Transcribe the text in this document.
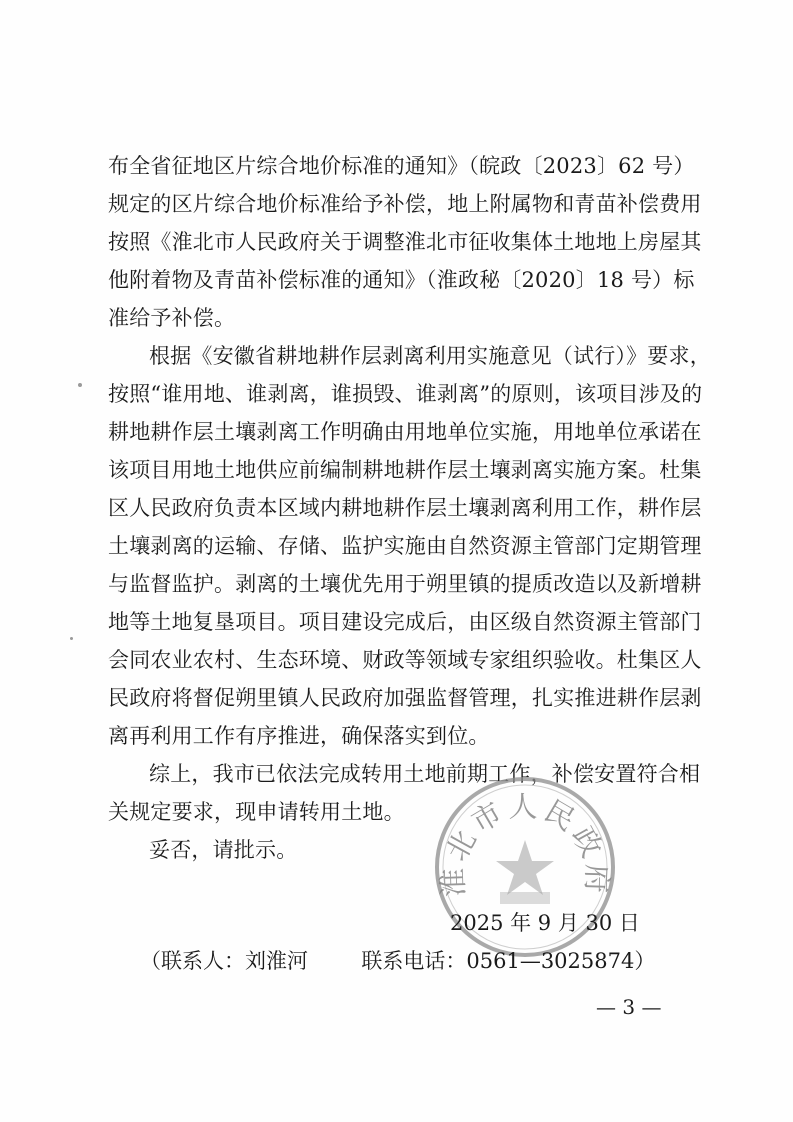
布全省征地区片综合地价标准的通知》（皖政〔2023〕62 号）
规定的区片综合地价标准给予补偿，地上附属物和青苗补偿费用
按照《淮北市人民政府关于调整淮北市征收集体土地地上房屋其
他附着物及青苗补偿标准的通知》（淮政秘〔2020〕18 号）标
准给予补偿。
根据《安徽省耕地耕作层剥离利用实施意见（试行）》要求，
按照“谁用地、谁剥离，谁损毁、谁剥离”的原则，该项目涉及的
耕地耕作层土壤剥离工作明确由用地单位实施，用地单位承诺在
该项目用地土地供应前编制耕地耕作层土壤剥离实施方案。杜集
区人民政府负责本区域内耕地耕作层土壤剥离利用工作，耕作层
土壤剥离的运输、存储、监护实施由自然资源主管部门定期管理
与监督监护。剥离的土壤优先用于朔里镇的提质改造以及新增耕
地等土地复垦项目。项目建设完成后，由区级自然资源主管部门
会同农业农村、生态环境、财政等领域专家组织验收。杜集区人
民政府将督促朔里镇人民政府加强监督管理，扎实推进耕作层剥
离再利用工作有序推进，确保落实到位。
综上，我市已依法完成转用土地前期工作，补偿安置符合相
关规定要求，现申请转用土地。
妥否，请批示。
淮北市人民政府
2025 年 9 月 30 日
（联系人：刘淮河	联系电话：0561—3025874）
— 3 —
